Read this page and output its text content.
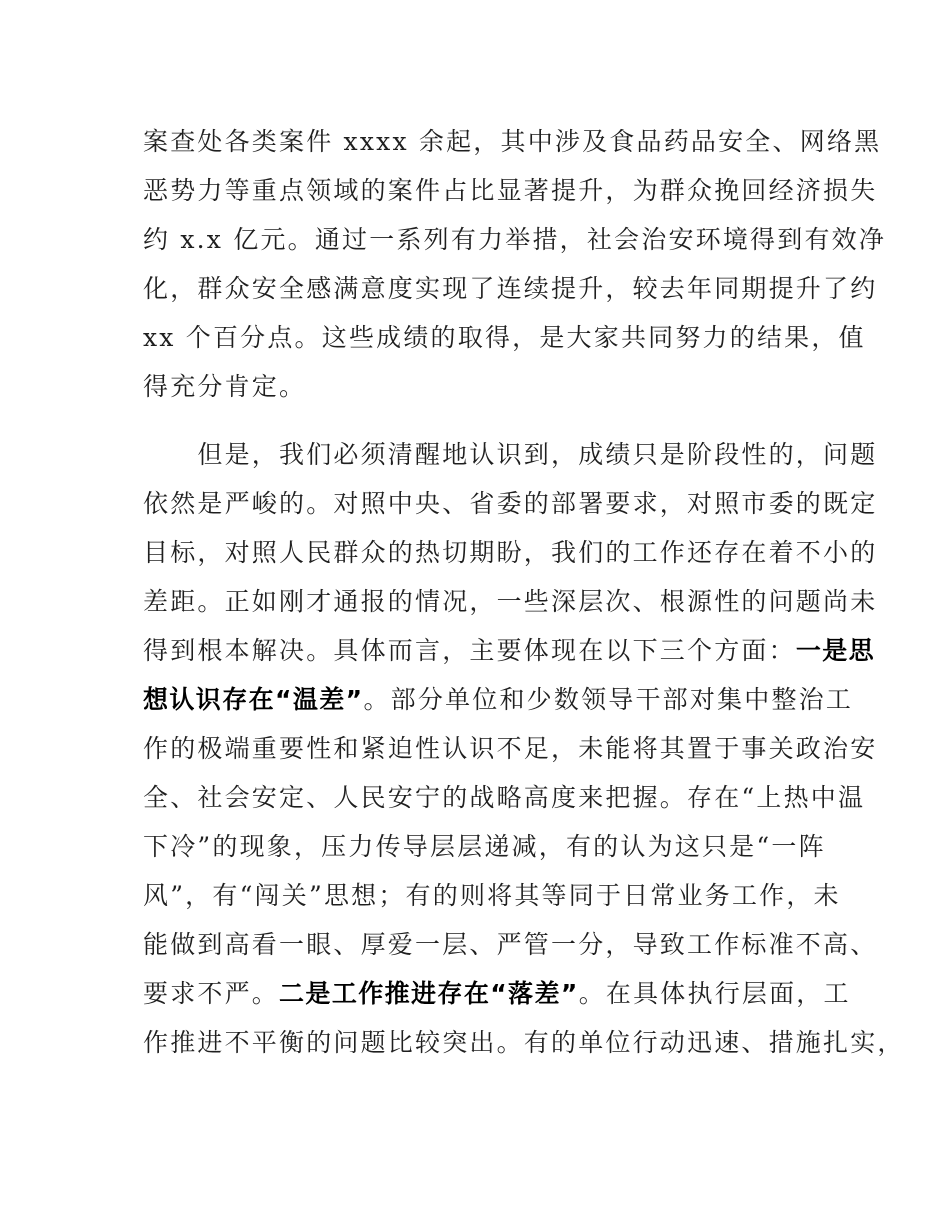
案查处各类案件 xxxx 余起，其中涉及食品药品安全、网络黑
恶势力等重点领域的案件占比显著提升，为群众挽回经济损失
约 x.x 亿元。通过一系列有力举措，社会治安环境得到有效净
化，群众安全感满意度实现了连续提升，较去年同期提升了约
xx 个百分点。这些成绩的取得，是大家共同努力的结果，值
得充分肯定。
　　但是，我们必须清醒地认识到，成绩只是阶段性的，问题
依然是严峻的。对照中央、省委的部署要求，对照市委的既定
目标，对照人民群众的热切期盼，我们的工作还存在着不小的
差距。正如刚才通报的情况，一些深层次、根源性的问题尚未
得到根本解决。具体而言，主要体现在以下三个方面：一是思
想认识存在“温差”。部分单位和少数领导干部对集中整治工
作的极端重要性和紧迫性认识不足，未能将其置于事关政治安
全、社会安定、人民安宁的战略高度来把握。存在“上热中温
下冷”的现象，压力传导层层递减，有的认为这只是“一阵
风”，有“闯关”思想；有的则将其等同于日常业务工作，未
能做到高看一眼、厚爱一层、严管一分，导致工作标准不高、
要求不严。二是工作推进存在“落差”。在具体执行层面，工
作推进不平衡的问题比较突出。有的单位行动迅速、措施扎实，
